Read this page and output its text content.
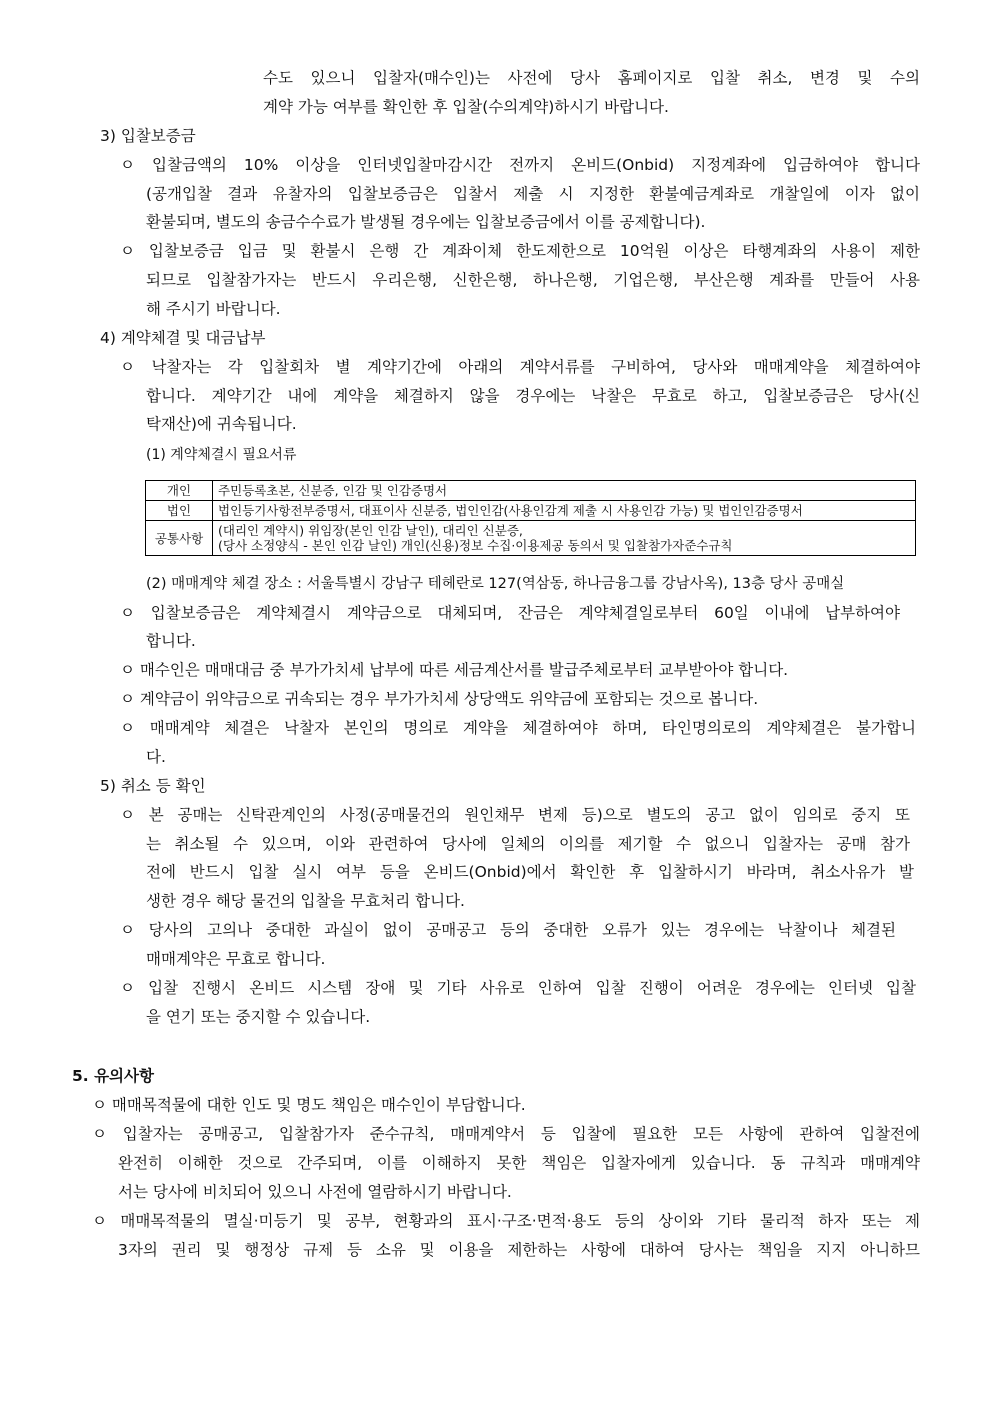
수도 있으니 입찰자(매수인)는 사전에 당사 홈페이지로 입찰 취소, 변경 및 수의
계약 가능 여부를 확인한 후 입찰(수의계약)하시기 바랍니다.
3) 입찰보증금
ㅇ 입찰금액의 10% 이상을 인터넷입찰마감시간 전까지 온비드(Onbid) 지정계좌에 입금하여야 합니다
(공개입찰 결과 유찰자의 입찰보증금은 입찰서 제출 시 지정한 환불예금계좌로 개찰일에 이자 없이
환불되며, 별도의 송금수수료가 발생될 경우에는 입찰보증금에서 이를 공제합니다).
ㅇ 입찰보증금 입금 및 환불시 은행 간 계좌이체 한도제한으로 10억원 이상은 타행계좌의 사용이 제한
되므로 입찰참가자는 반드시 우리은행, 신한은행, 하나은행, 기업은행, 부산은행 계좌를 만들어 사용
해 주시기 바랍니다.
4) 계약체결 및 대금납부
ㅇ 낙찰자는 각 입찰회차 별 계약기간에 아래의 계약서류를 구비하여, 당사와 매매계약을 체결하여야
합니다. 계약기간 내에 계약을 체결하지 않을 경우에는 낙찰은 무효로 하고, 입찰보증금은 당사(신
탁재산)에 귀속됩니다.
(1) 계약체결시 필요서류
개인	주민등록초본, 신분증, 인감 및 인감증명서
법인	법인등기사항전부증명서, 대표이사 신분증, 법인인감(사용인감계 제출 시 사용인감 가능) 및 법인인감증명서
공통사항	(대리인 계약시) 위임장(본인 인감 날인), 대리인 신분증,
(당사 소정양식 - 본인 인감 날인) 개인(신용)정보 수집·이용제공 동의서 및 입찰참가자준수규칙
(2) 매매계약 체결 장소 : 서울특별시 강남구 테헤란로 127(역삼동, 하나금융그룹 강남사옥), 13층 당사 공매실
ㅇ 입찰보증금은 계약체결시 계약금으로 대체되며, 잔금은 계약체결일로부터 60일 이내에 납부하여야
합니다.
ㅇ 매수인은 매매대금 중 부가가치세 납부에 따른 세금계산서를 발급주체로부터 교부받아야 합니다.
ㅇ 계약금이 위약금으로 귀속되는 경우 부가가치세 상당액도 위약금에 포함되는 것으로 봅니다.
ㅇ 매매계약 체결은 낙찰자 본인의 명의로 계약을 체결하여야 하며, 타인명의로의 계약체결은 불가합니
다.
5) 취소 등 확인
ㅇ 본 공매는 신탁관계인의 사정(공매물건의 원인채무 변제 등)으로 별도의 공고 없이 임의로 중지 또
는 취소될 수 있으며, 이와 관련하여 당사에 일체의 이의를 제기할 수 없으니 입찰자는 공매 참가
전에 반드시 입찰 실시 여부 등을 온비드(Onbid)에서 확인한 후 입찰하시기 바라며, 취소사유가 발
생한 경우 해당 물건의 입찰을 무효처리 합니다.
ㅇ 당사의 고의나 중대한 과실이 없이 공매공고 등의 중대한 오류가 있는 경우에는 낙찰이나 체결된
매매계약은 무효로 합니다.
ㅇ 입찰 진행시 온비드 시스템 장애 및 기타 사유로 인하여 입찰 진행이 어려운 경우에는 인터넷 입찰
을 연기 또는 중지할 수 있습니다.
5. 유의사항
ㅇ 매매목적물에 대한 인도 및 명도 책임은 매수인이 부담합니다.
ㅇ 입찰자는 공매공고, 입찰참가자 준수규칙, 매매계약서 등 입찰에 필요한 모든 사항에 관하여 입찰전에
완전히 이해한 것으로 간주되며, 이를 이해하지 못한 책임은 입찰자에게 있습니다. 동 규칙과 매매계약
서는 당사에 비치되어 있으니 사전에 열람하시기 바랍니다.
ㅇ 매매목적물의 멸실·미등기 및 공부, 현황과의 표시·구조·면적·용도 등의 상이와 기타 물리적 하자 또는 제
3자의 권리 및 행정상 규제 등 소유 및 이용을 제한하는 사항에 대하여 당사는 책임을 지지 아니하므
